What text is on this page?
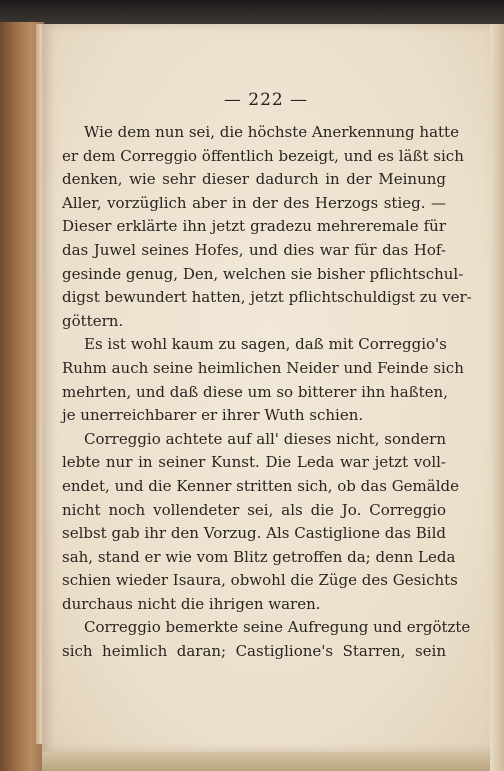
— 222 —
Wie dem nun sei, die höchste Anerkennung hatte
er dem Correggio öffentlich bezeigt, und es läßt sich
denken, wie sehr dieser dadurch in der Meinung
Aller, vorzüglich aber in der des Herzogs stieg. —
Dieser erklärte ihn jetzt gradezu mehreremale für
das Juwel seines Hofes, und dies war für das Hof-
gesinde genug, Den, welchen sie bisher pflichtschul-
digst bewundert hatten, jetzt pflichtschuldigst zu ver-
göttern.
Es ist wohl kaum zu sagen, daß mit Correggio's
Ruhm auch seine heimlichen Neider und Feinde sich
mehrten, und daß diese um so bitterer ihn haßten,
je unerreichbarer er ihrer Wuth schien.
Correggio achtete auf all' dieses nicht, sondern
lebte nur in seiner Kunst. Die Leda war jetzt voll-
endet, und die Kenner stritten sich, ob das Gemälde
nicht noch vollendeter sei, als die Jo. Correggio
selbst gab ihr den Vorzug. Als Castiglione das Bild
sah, stand er wie vom Blitz getroffen da; denn Leda
schien wieder Isaura, obwohl die Züge des Gesichts
durchaus nicht die ihrigen waren.
Correggio bemerkte seine Aufregung und ergötzte
sich heimlich daran; Castiglione's Starren, sein
